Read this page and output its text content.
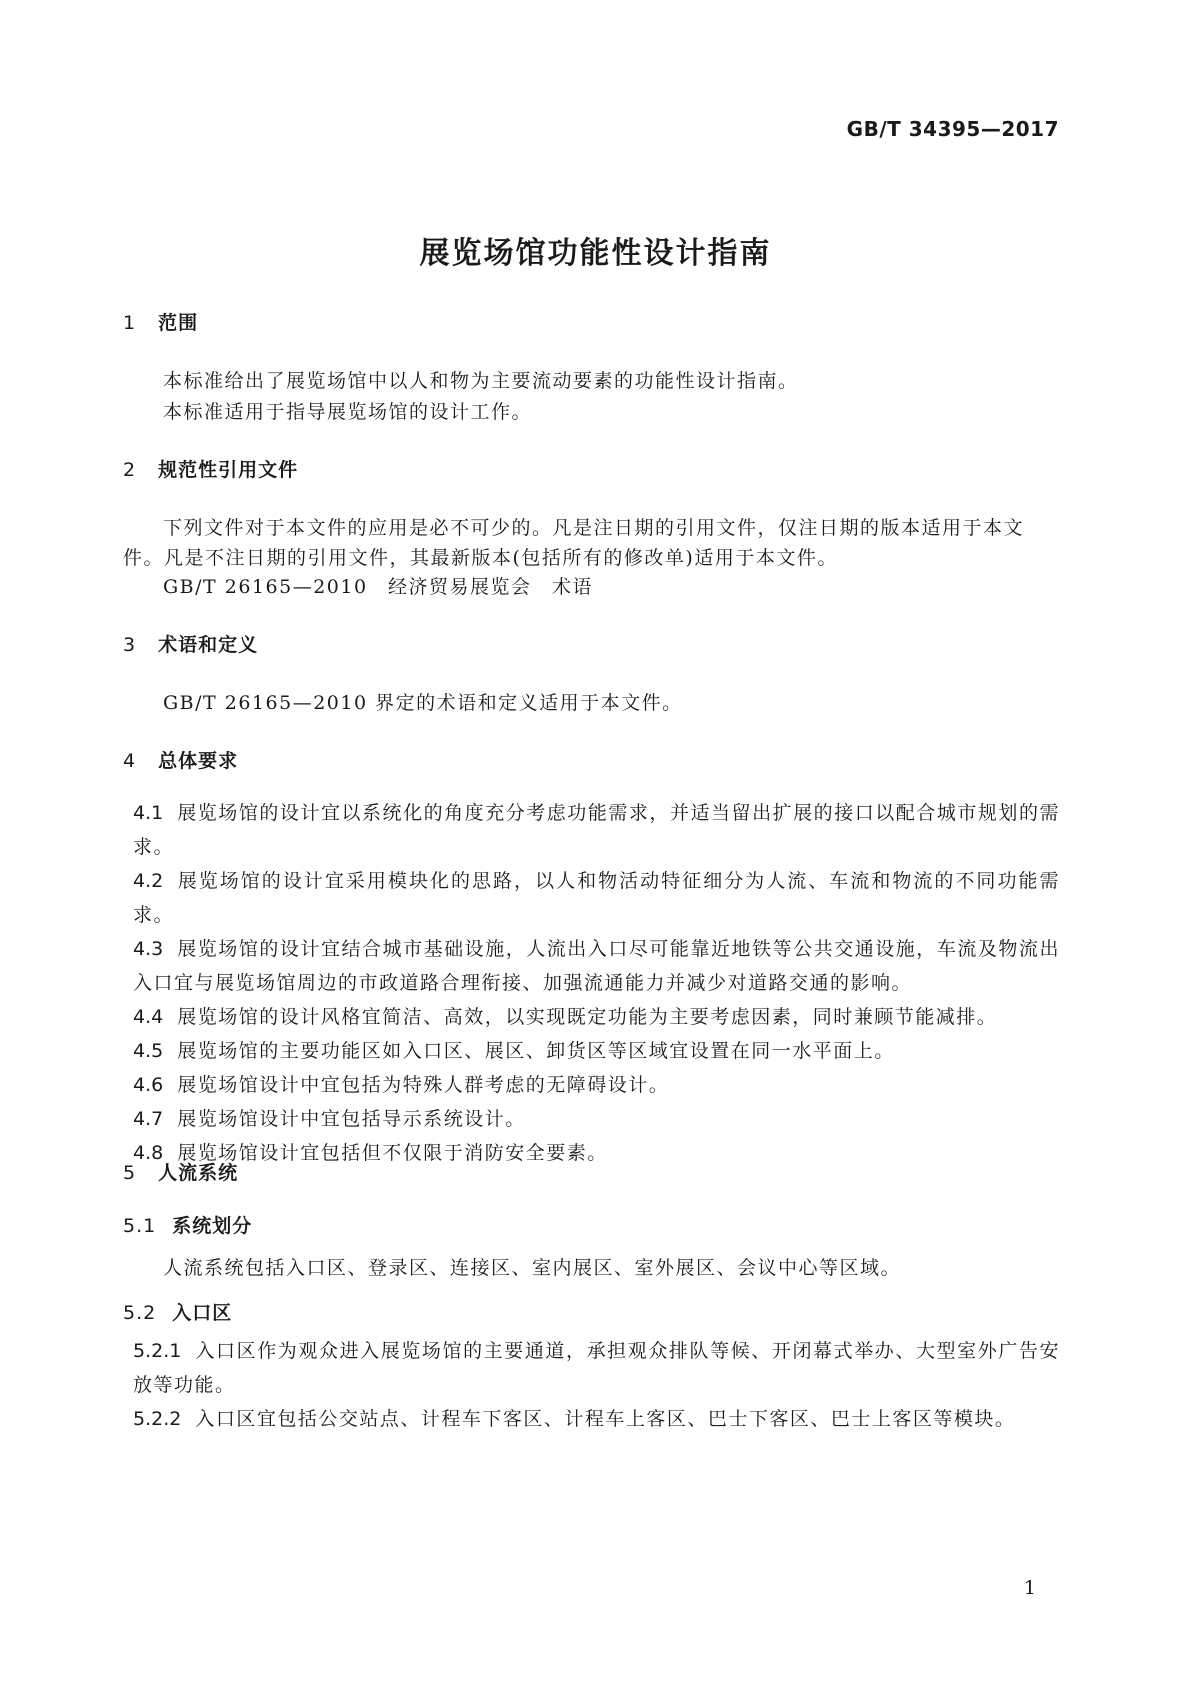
GB/T 34395—2017
展览场馆功能性设计指南
1 范围
本标准给出了展览场馆中以人和物为主要流动要素的功能性设计指南。
本标准适用于指导展览场馆的设计工作。
2 规范性引用文件
下列文件对于本文件的应用是必不可少的。凡是注日期的引用文件，仅注日期的版本适用于本文
件。凡是不注日期的引用文件，其最新版本(包括所有的修改单)适用于本文件。
GB/T 26165—2010　经济贸易展览会　术语
3 术语和定义
GB/T 26165—2010 界定的术语和定义适用于本文件。
4 总体要求
4.1 展览场馆的设计宜以系统化的角度充分考虑功能需求，并适当留出扩展的接口以配合城市规划的需求。
4.2 展览场馆的设计宜采用模块化的思路，以人和物活动特征细分为人流、车流和物流的不同功能需求。
4.3 展览场馆的设计宜结合城市基础设施，人流出入口尽可能靠近地铁等公共交通设施，车流及物流出入口宜与展览场馆周边的市政道路合理衔接、加强流通能力并减少对道路交通的影响。
4.4 展览场馆的设计风格宜简洁、高效，以实现既定功能为主要考虑因素，同时兼顾节能减排。
4.5 展览场馆的主要功能区如入口区、展区、卸货区等区域宜设置在同一水平面上。
4.6 展览场馆设计中宜包括为特殊人群考虑的无障碍设计。
4.7 展览场馆设计中宜包括导示系统设计。
4.8 展览场馆设计宜包括但不仅限于消防安全要素。
5 人流系统
5.1 系统划分
人流系统包括入口区、登录区、连接区、室内展区、室外展区、会议中心等区域。
5.2 入口区
5.2.1 入口区作为观众进入展览场馆的主要通道，承担观众排队等候、开闭幕式举办、大型室外广告安放等功能。
5.2.2 入口区宜包括公交站点、计程车下客区、计程车上客区、巴士下客区、巴士上客区等模块。
1
